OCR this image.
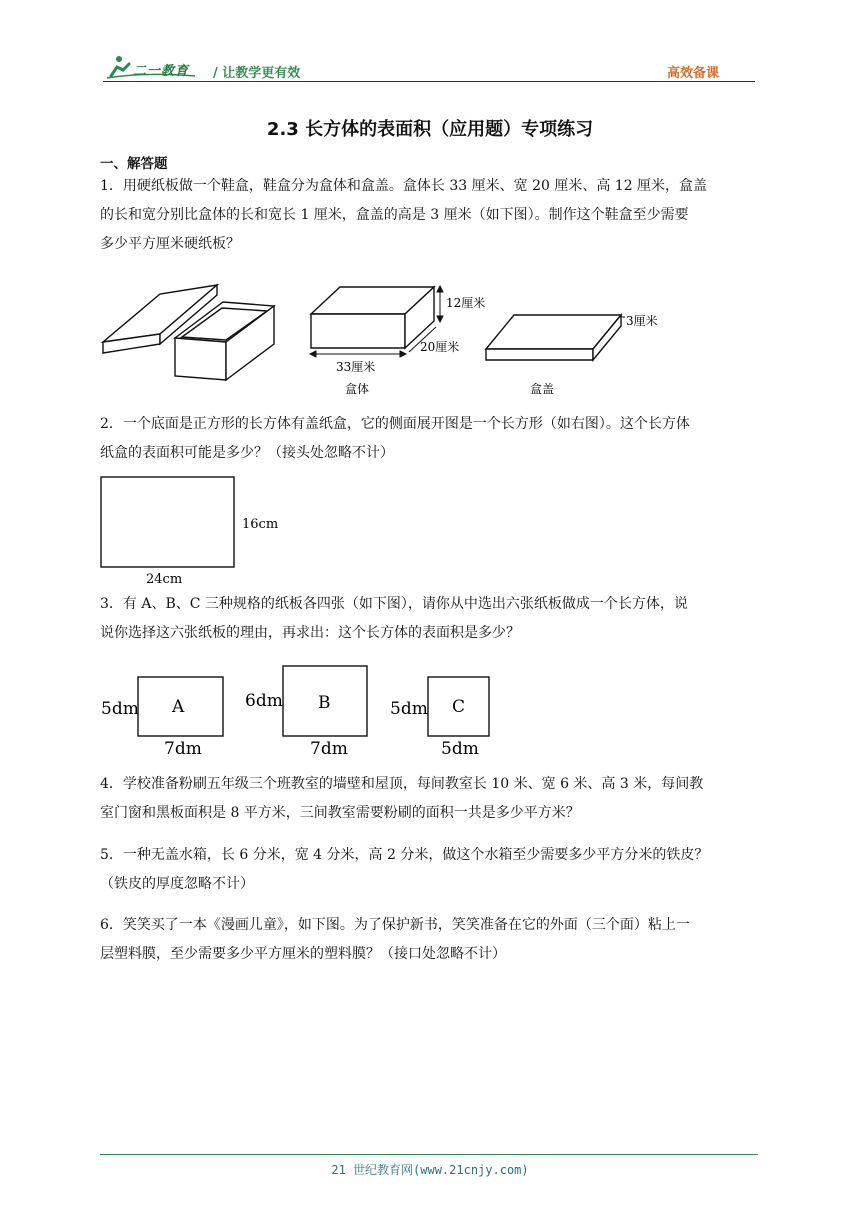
二一教育 / 让教学更有效	高效备课
2.3 长方体的表面积（应用题）专项练习
一、解答题
1．用硬纸板做一个鞋盒，鞋盒分为盒体和盒盖。盒体长 33 厘米、宽 20 厘米、高 12 厘米，盒盖
的长和宽分别比盒体的长和宽长 1 厘米，盒盖的高是 3 厘米（如下图）。制作这个鞋盒至少需要
多少平方厘米硬纸板？
12厘米
20厘米
33厘米
盒体
3厘米
盒盖
2．一个底面是正方形的长方体有盖纸盒，它的侧面展开图是一个长方形（如右图）。这个长方体
纸盒的表面积可能是多少？（接头处忽略不计）
16cm
24cm
3．有 A、B、C 三种规格的纸板各四张（如下图），请你从中选出六张纸板做成一个长方体，说
说你选择这六张纸板的理由，再求出：这个长方体的表面积是多少？
A
5dm
7dm
B
6dm
7dm
C
5dm
5dm
4．学校准备粉刷五年级三个班教室的墙壁和屋顶，每间教室长 10 米、宽 6 米、高 3 米，每间教
室门窗和黑板面积是 8 平方米，三间教室需要粉刷的面积一共是多少平方米？
5．一种无盖水箱，长 6 分米，宽 4 分米，高 2 分米，做这个水箱至少需要多少平方分米的铁皮？
（铁皮的厚度忽略不计）
6．笑笑买了一本《漫画儿童》，如下图。为了保护新书，笑笑准备在它的外面（三个面）粘上一
层塑料膜，至少需要多少平方厘米的塑料膜？（接口处忽略不计）
21 世纪教育网(www.21cnjy.com)
